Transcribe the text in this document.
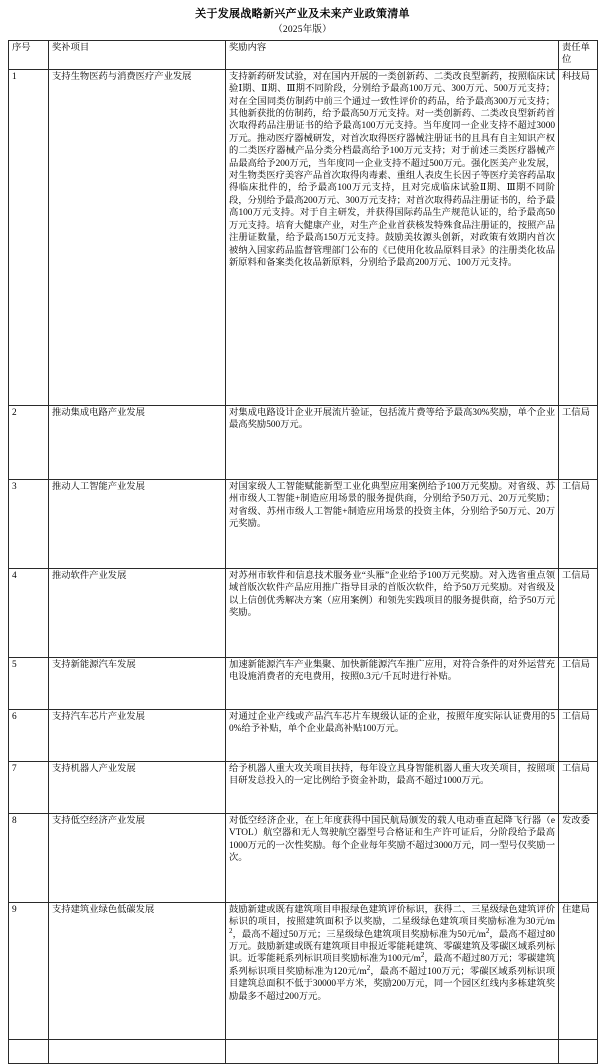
关于发展战略新兴产业及未来产业政策清单
（2025年版）
序号	奖补项目	奖励内容	责任单位
1	支持生物医药与消费医疗产业发展	支持新药研发试验，对在国内开展的一类创新药、二类改良型新药，按照临床试验Ⅰ期、Ⅱ期、Ⅲ期不同阶段，分别给予最高100万元、300万元、500万元支持；对在全国同类仿制药中前三个通过一致性评价的药品，给予最高300万元支持；其他新获批的仿制药，给予最高50万元支持。对一类创新药、二类改良型新药首次取得药品注册证书的给予最高100万元支持。当年度同一企业支持不超过3000万元。推动医疗器械研发，对首次取得医疗器械注册证书的且具有自主知识产权的二类医疗器械产品分类分档最高给予100万元支持；对于前述三类医疗器械产品最高给予200万元，当年度同一企业支持不超过500万元。强化医美产业发展，对生物类医疗美容产品首次取得肉毒素、重组人表皮生长因子等医疗美容药品取得临床批件的，给予最高100万元支持，且对完成临床试验Ⅱ期、Ⅲ期不同阶段，分别给予最高200万元、300万元支持；对首次取得药品注册证书的，给予最高100万元支持。对于自主研发，并获得国际药品生产规范认证的，给予最高50万元支持。培育大健康产业，对生产企业首获核发特殊食品注册证的，按照产品注册证数量，给予最高150万元支持。鼓励美妆源头创新，对政策有效期内首次被纳入国家药品监督管理部门公布的《已使用化妆品原料目录》的注册类化妆品新原料和备案类化妆品新原料，分别给予最高200万元、100万元支持。	科技局
2	推动集成电路产业发展	对集成电路设计企业开展流片验证，包括流片费等给予最高30%奖励，单个企业最高奖励500万元。	工信局
3	推动人工智能产业发展	对国家级人工智能赋能新型工业化典型应用案例给予100万元奖励。对省级、苏州市级人工智能+制造应用场景的服务提供商，分别给予50万元、20万元奖励；对省级、苏州市级人工智能+制造应用场景的投资主体，分别给予50万元、20万元奖励。	工信局
4	推动软件产业发展	对苏州市软件和信息技术服务业“头雁”企业给予100万元奖励。对入选省重点领域首版次软件产品应用推广指导目录的首版次软件，给予50万元奖励。对省级及以上信创优秀解决方案（应用案例）和领先实践项目的服务提供商，给予50万元奖励。	工信局
5	支持新能源汽车发展	加速新能源汽车产业集聚、加快新能源汽车推广应用，对符合条件的对外运营充电设施消费者的充电费用，按照0.3元/千瓦时进行补贴。	工信局
6	支持汽车芯片产业发展	对通过企业产线或产品汽车芯片车规级认证的企业，按照年度实际认证费用的50%给予补贴，单个企业最高补贴100万元。	工信局
7	支持机器人产业发展	给予机器人重大攻关项目扶持，每年设立具身智能机器人重大攻关项目，按照项目研发总投入的一定比例给予资金补助，最高不超过1000万元。	工信局
8	支持低空经济产业发展	对低空经济企业，在上年度获得中国民航局颁发的载人电动垂直起降飞行器（eVTOL）航空器和无人驾驶航空器型号合格证和生产许可证后，分阶段给予最高1000万元的一次性奖励。每个企业每年奖励不超过3000万元，同一型号仅奖励一次。	发改委
9	支持建筑业绿色低碳发展	鼓励新建或既有建筑项目申报绿色建筑评价标识，获得二、三星级绿色建筑评价标识的项目，按照建筑面积予以奖励，二星级绿色建筑项目奖励标准为30元$/m^2$，最高不超过50万元；三星级绿色建筑项目奖励标准为50元$/m^2$，最高不超过80万元。鼓励新建或既有建筑项目申报近零能耗建筑、零碳建筑及零碳区域系列标识。近零能耗系列标识项目奖励标准为100元$/m^2$，最高不超过80万元；零碳建筑系列标识项目奖励标准为120元$/m^2$，最高不超过100万元；零碳区域系列标识项目建筑总面积不低于30000平方米，奖励200万元，同一个园区红线内多栋建筑奖励最多不超过200万元。	住建局
